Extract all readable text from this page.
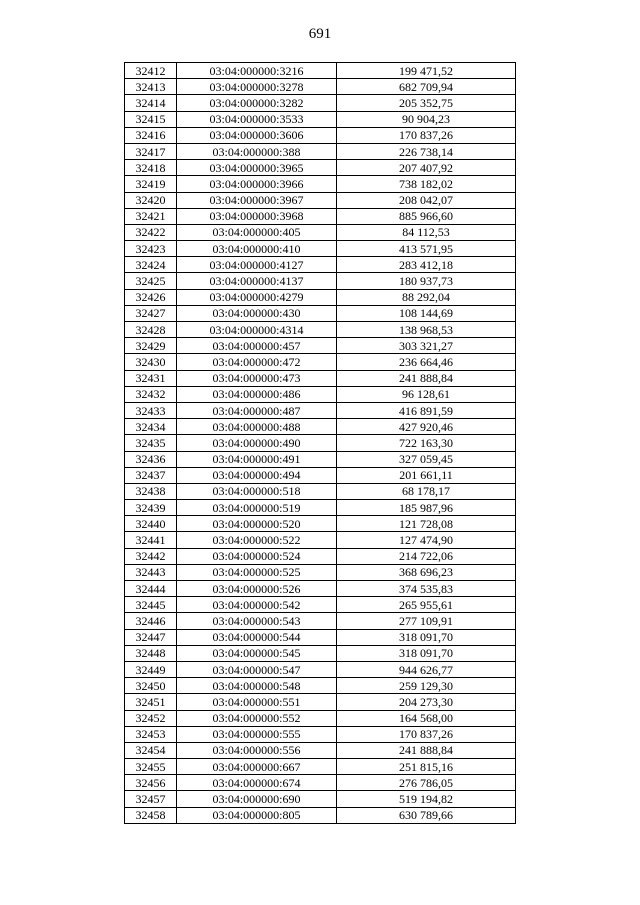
691
32412	03:04:000000:3216	199 471,52
32413	03:04:000000:3278	682 709,94
32414	03:04:000000:3282	205 352,75
32415	03:04:000000:3533	90 904,23
32416	03:04:000000:3606	170 837,26
32417	03:04:000000:388	226 738,14
32418	03:04:000000:3965	207 407,92
32419	03:04:000000:3966	738 182,02
32420	03:04:000000:3967	208 042,07
32421	03:04:000000:3968	885 966,60
32422	03:04:000000:405	84 112,53
32423	03:04:000000:410	413 571,95
32424	03:04:000000:4127	283 412,18
32425	03:04:000000:4137	180 937,73
32426	03:04:000000:4279	88 292,04
32427	03:04:000000:430	108 144,69
32428	03:04:000000:4314	138 968,53
32429	03:04:000000:457	303 321,27
32430	03:04:000000:472	236 664,46
32431	03:04:000000:473	241 888,84
32432	03:04:000000:486	96 128,61
32433	03:04:000000:487	416 891,59
32434	03:04:000000:488	427 920,46
32435	03:04:000000:490	722 163,30
32436	03:04:000000:491	327 059,45
32437	03:04:000000:494	201 661,11
32438	03:04:000000:518	68 178,17
32439	03:04:000000:519	185 987,96
32440	03:04:000000:520	121 728,08
32441	03:04:000000:522	127 474,90
32442	03:04:000000:524	214 722,06
32443	03:04:000000:525	368 696,23
32444	03:04:000000:526	374 535,83
32445	03:04:000000:542	265 955,61
32446	03:04:000000:543	277 109,91
32447	03:04:000000:544	318 091,70
32448	03:04:000000:545	318 091,70
32449	03:04:000000:547	944 626,77
32450	03:04:000000:548	259 129,30
32451	03:04:000000:551	204 273,30
32452	03:04:000000:552	164 568,00
32453	03:04:000000:555	170 837,26
32454	03:04:000000:556	241 888,84
32455	03:04:000000:667	251 815,16
32456	03:04:000000:674	276 786,05
32457	03:04:000000:690	519 194,82
32458	03:04:000000:805	630 789,66
